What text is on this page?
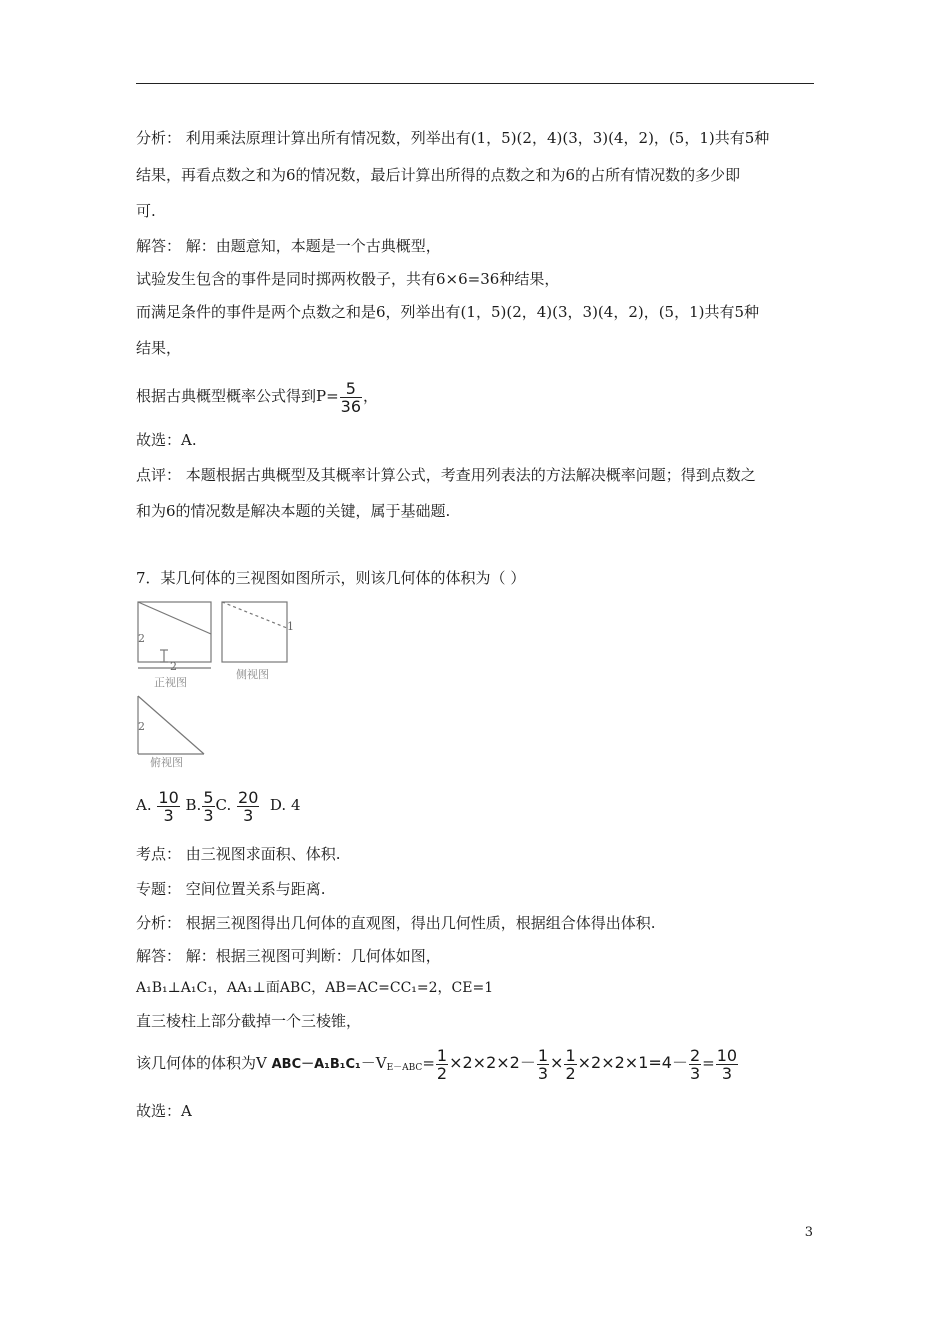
分析： 利用乘法原理计算出所有情况数，列举出有(1，5)(2，4)(3，3)(4，2)，(5，1)共有5种
结果，再看点数之和为6的情况数，最后计算出所得的点数之和为6的占所有情况数的多少即
可.
解答： 解：由题意知，本题是一个古典概型，
试验发生包含的事件是同时掷两枚骰子，共有6×6=36种结果，
而满足条件的事件是两个点数之和是6，列举出有(1，5)(2，4)(3，3)(4，2)，(5，1)共有5种
结果，
根据古典概型概率公式得到$P= \frac{5}{36}$ ，
故选：A.
点评： 本题根据古典概型及其概率计算公式，考查用列表法的方法解决概率问题；得到点数之
和为6的情况数是解决本题的关键，属于基础题.
7．某几何体的三视图如图所示，则该几何体的体积为（ ）
2
2
1
2
正视图
侧视图
俯视图
A. $\frac{10}{3} B$. $\frac{5}{3} C$. $\frac{20}{3} D$. 4
考点： 由三视图求面积、体积.
专题： 空间位置关系与距离.
分析： 根据三视图得出几何体的直观图，得出几何性质，根据组合体得出体积.
解答： 解：根据三视图可判断：几何体如图，
A₁B₁⊥A₁C₁，AA₁⊥面ABC，AB=AC=CC₁=2，CE=1
直三棱柱上部分截掉一个三棱锥，
该几何体的体积为V $ABC-A_1B_1C_1-V_{E-ABC}= \frac{1}{2} \times 2\times 2\times 2- \frac{1}{3} \times \frac{1}{2} \times 2\times 2\times 1=4- \frac{2}{3} = \frac{10}{3}$
故选：A
3
